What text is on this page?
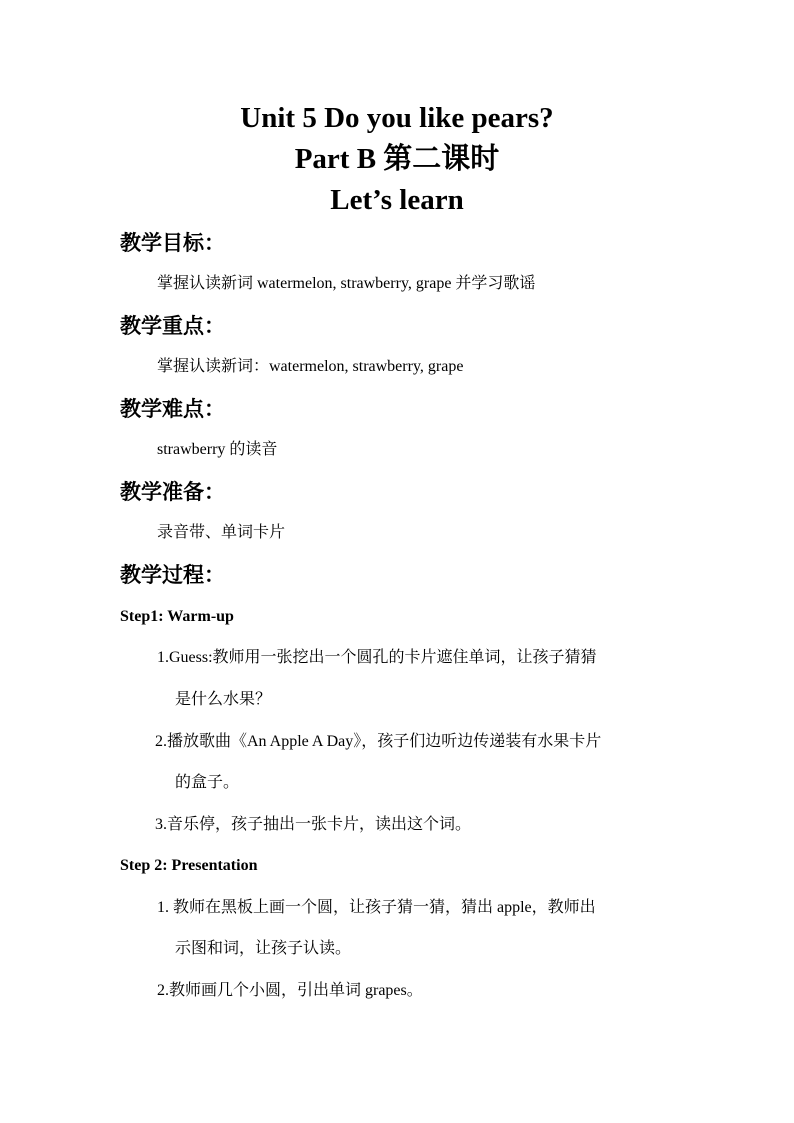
Unit 5 Do you like pears?
Part B 第二课时
Let’s learn
教学目标：
掌握认读新词 watermelon, strawberry, grape 并学习歌谣
教学重点：
掌握认读新词：watermelon, strawberry, grape
教学难点：
strawberry 的读音
教学准备：
录音带、单词卡片
教学过程：
Step1: Warm-up
1.Guess:教师用一张挖出一个圆孔的卡片遮住单词，让孩子猜猜
是什么水果？
2.播放歌曲《An Apple A Day》，孩子们边听边传递装有水果卡片
的盒子。
3.音乐停，孩子抽出一张卡片，读出这个词。
Step 2: Presentation
1. 教师在黑板上画一个圆，让孩子猜一猜，猜出 apple，教师出
示图和词，让孩子认读。
2.教师画几个小圆，引出单词 grapes。
